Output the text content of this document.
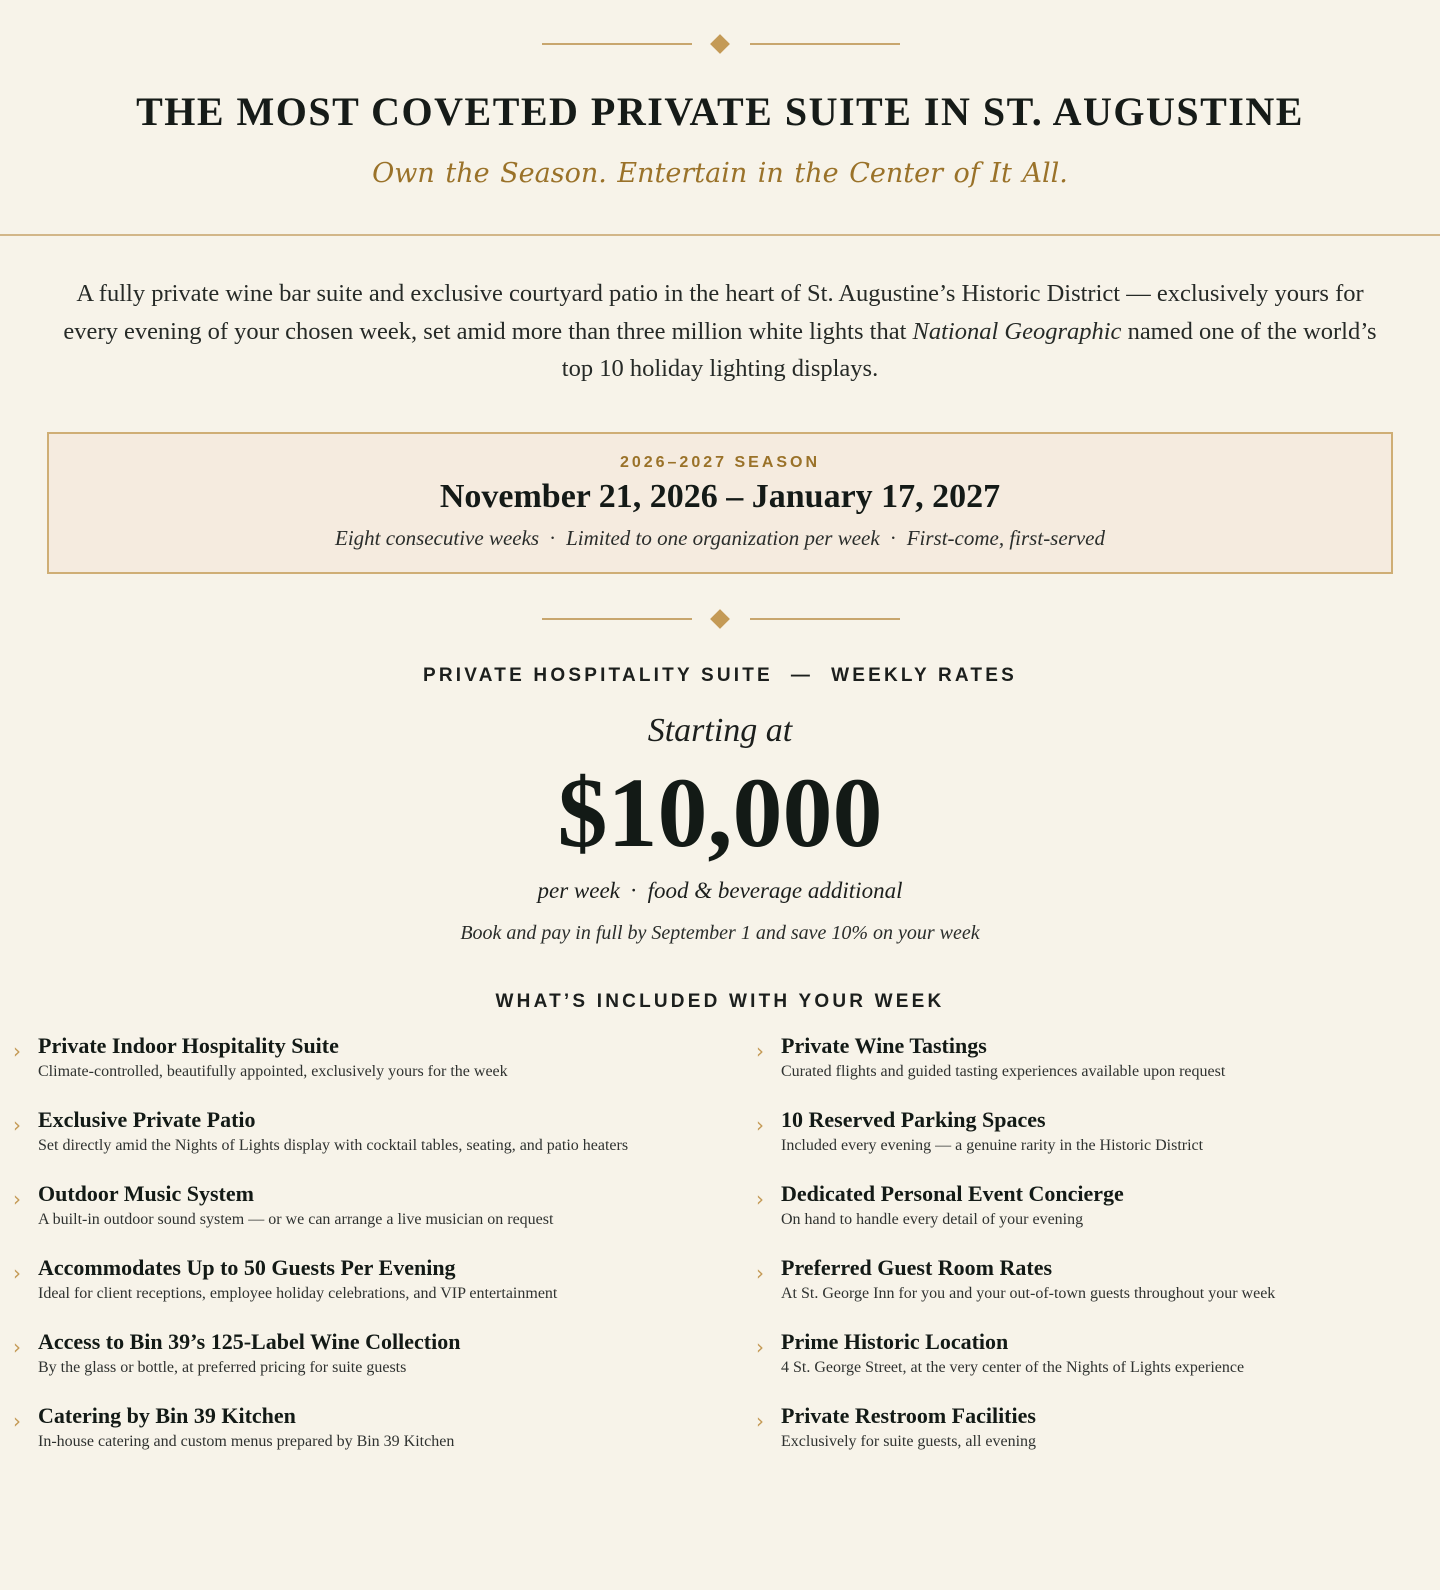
THE MOST COVETED PRIVATE SUITE IN ST. AUGUSTINE
Own the Season. Entertain in the Center of It All.

A fully private wine bar suite and exclusive courtyard patio in the heart of St. Augustine’s Historic District — exclusively yours for every evening of your chosen week, set amid more than three million white lights that National Geographic named one of the world’s top 10 holiday lighting displays.

2026–2027 SEASON
November 21, 2026 – January 17, 2027
Eight consecutive weeks · Limited to one organization per week · First-come, first-served
PRIVATE HOSPITALITY SUITE — WEEKLY RATES
Starting at
$10,000
per week · food & beverage additional
Book and pay in full by September 1 and save 10% on your week
WHAT’S INCLUDED WITH YOUR WEEK
› Private Indoor Hospitality Suite
Climate-controlled, beautifully appointed, exclusively yours for the week
› Exclusive Private Patio
Set directly amid the Nights of Lights display with cocktail tables, seating, and patio heaters
› Outdoor Music System
A built-in outdoor sound system — or we can arrange a live musician on request
› Accommodates Up to 50 Guests Per Evening
Ideal for client receptions, employee holiday celebrations, and VIP entertainment
› Access to Bin 39’s 125-Label Wine Collection
By the glass or bottle, at preferred pricing for suite guests
› Catering by Bin 39 Kitchen
In-house catering and custom menus prepared by Bin 39 Kitchen
› Private Wine Tastings
Curated flights and guided tasting experiences available upon request
› 10 Reserved Parking Spaces
Included every evening — a genuine rarity in the Historic District
› Dedicated Personal Event Concierge
On hand to handle every detail of your evening
› Preferred Guest Room Rates
At St. George Inn for you and your out-of-town guests throughout your week
› Prime Historic Location
4 St. George Street, at the very center of the Nights of Lights experience
› Private Restroom Facilities
Exclusively for suite guests, all evening
